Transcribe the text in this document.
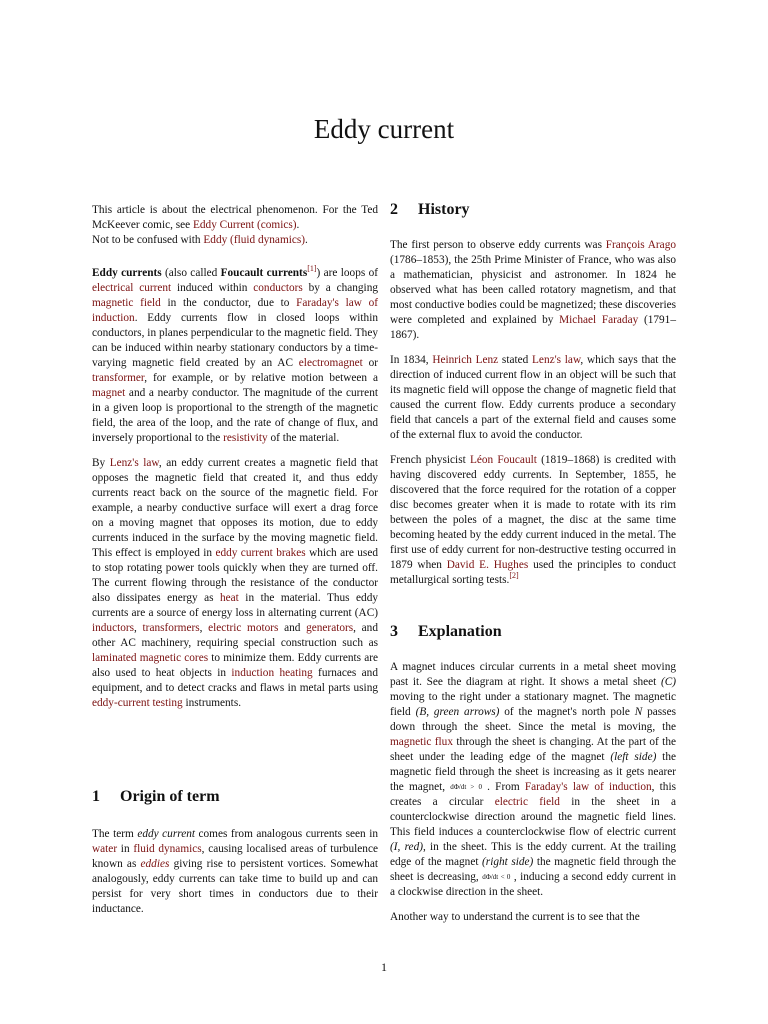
Eddy current

This article is about the electrical phenomenon. For the Ted McKeever comic, see Eddy Current (comics).
Not to be confused with Eddy (fluid dynamics).

Eddy currents (also called Foucault currents[1]) are loops of electrical current induced within conductors by a changing magnetic field in the conductor, due to Faraday's law of induction. Eddy currents flow in closed loops within conductors, in planes perpendicular to the magnetic field. They can be induced within nearby stationary conductors by a time-varying magnetic field created by an AC electromagnet or transformer, for example, or by relative motion between a magnet and a nearby conductor. The magnitude of the current in a given loop is proportional to the strength of the magnetic field, the area of the loop, and the rate of change of flux, and inversely proportional to the resistivity of the material.

By Lenz's law, an eddy current creates a magnetic field that opposes the magnetic field that created it, and thus eddy currents react back on the source of the magnetic field. For example, a nearby conductive surface will exert a drag force on a moving magnet that opposes its motion, due to eddy currents induced in the surface by the moving magnetic field. This effect is employed in eddy current brakes which are used to stop rotating power tools quickly when they are turned off. The current flowing through the resistance of the conductor also dissipates energy as heat in the material. Thus eddy currents are a source of energy loss in alternating current (AC) inductors, transformers, electric motors and generators, and other AC machinery, requiring special construction such as laminated magnetic cores to minimize them. Eddy currents are also used to heat objects in induction heating furnaces and equipment, and to detect cracks and flaws in metal parts using eddy-current testing instruments.

1 Origin of term

The term eddy current comes from analogous currents seen in water in fluid dynamics, causing localised areas of turbulence known as eddies giving rise to persistent vortices. Somewhat analogously, eddy currents can take time to build up and can persist for very short times in conductors due to their inductance.

2 History

The first person to observe eddy currents was François Arago (1786–1853), the 25th Prime Minister of France, who was also a mathematician, physicist and astronomer. In 1824 he observed what has been called rotatory magnetism, and that most conductive bodies could be magnetized; these discoveries were completed and explained by Michael Faraday (1791–1867).

In 1834, Heinrich Lenz stated Lenz's law, which says that the direction of induced current flow in an object will be such that its magnetic field will oppose the change of magnetic field that caused the current flow. Eddy currents produce a secondary field that cancels a part of the external field and causes some of the external flux to avoid the conductor.

French physicist Léon Foucault (1819–1868) is credited with having discovered eddy currents. In September, 1855, he discovered that the force required for the rotation of a copper disc becomes greater when it is made to rotate with its rim between the poles of a magnet, the disc at the same time becoming heated by the eddy current induced in the metal. The first use of eddy current for non-destructive testing occurred in 1879 when David E. Hughes used the principles to conduct metallurgical sorting tests.[2]

3 Explanation

A magnet induces circular currents in a metal sheet moving past it. See the diagram at right. It shows a metal sheet (C) moving to the right under a stationary magnet. The magnetic field (B, green arrows) of the magnet's north pole N passes down through the sheet. Since the metal is moving, the magnetic flux through the sheet is changing. At the part of the sheet under the leading edge of the magnet (left side) the magnetic field through the sheet is increasing as it gets nearer the magnet, dΦ/dt > 0 . From Faraday's law of induction, this creates a circular electric field in the sheet in a counterclockwise direction around the magnetic field lines. This field induces a counterclockwise flow of electric current (I, red), in the sheet. This is the eddy current. At the trailing edge of the magnet (right side) the magnetic field through the sheet is decreasing, dΦ/dt < 0 , inducing a second eddy current in a clockwise direction in the sheet.

Another way to understand the current is to see that the

1
